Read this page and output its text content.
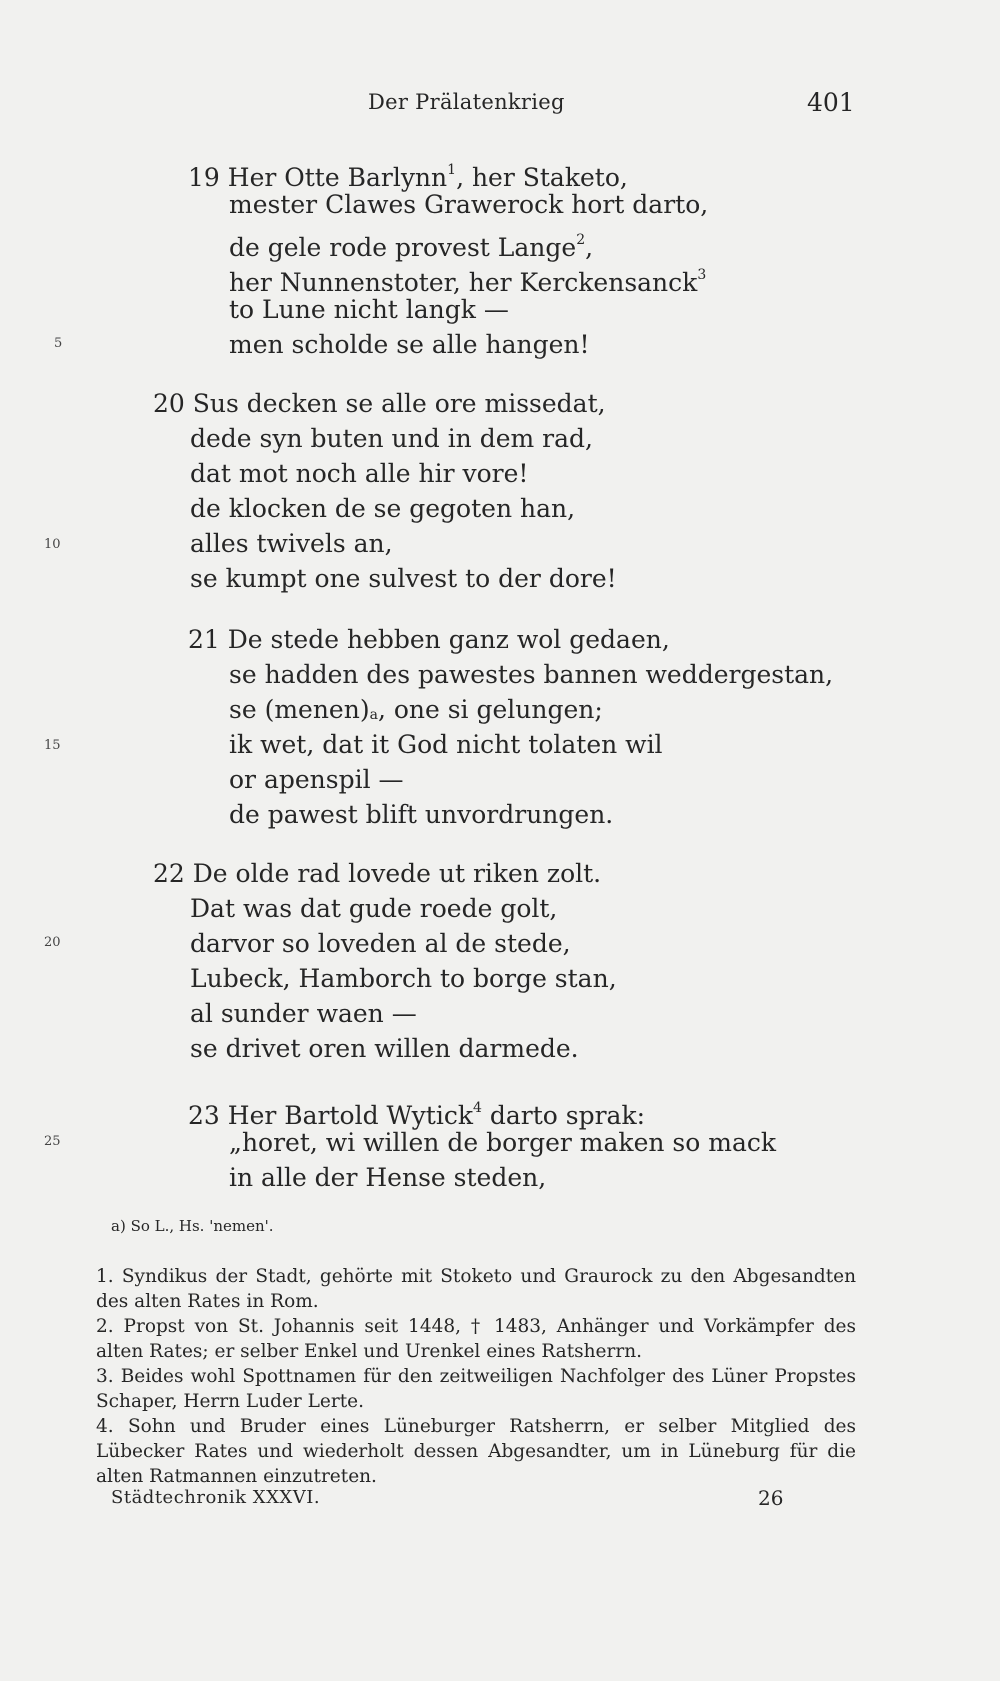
Der Prälatenkrieg	401
19 Her Otte Barlynn$^1$, her Staketo,
mester Clawes Grawerock hort darto,
de gele rode provest Lange$^2$,
her Nunnenstoter, her Kerckensanck$^3$
to Lune nicht langk —
men scholde se alle hangen!
20 Sus decken se alle ore missedat,
dede syn buten und in dem rad,
dat mot noch alle hir vore!
de klocken de se gegoten han,
alles twivels an,
se kumpt one sulvest to der dore!
21 De stede hebben ganz wol gedaen,
se hadden des pawestes bannen weddergestan,
se (menen)a, one si gelungen;
ik wet, dat it God nicht tolaten wil
or apenspil —
de pawest blift unvordrungen.
22 De olde rad lovede ut riken zolt.
Dat was dat gude roede golt,
darvor so loveden al de stede,
Lubeck, Hamborch to borge stan,
al sunder waen —
se drivet oren willen darmede.
23 Her Bartold Wytick$^4$ darto sprak:
„horet, wi willen de borger maken so mack
in alle der Hense steden,
5
10
15
20
25
a) So L., Hs. 'nemen'.
1. Syndikus der Stadt, gehörte mit Stoketo und Graurock zu den Abgesandten des alten Rates in Rom.
2. Propst von St. Johannis seit 1448, † 1483, Anhänger und Vorkämpfer des alten Rates; er selber Enkel und Urenkel eines Ratsherrn.
3. Beides wohl Spottnamen für den zeitweiligen Nachfolger des Lüner Propstes Schaper, Herrn Luder Lerte.
4. Sohn und Bruder eines Lüneburger Ratsherrn, er selber Mitglied des Lübecker Rates und wiederholt dessen Abgesandter, um in Lüneburg für die alten Ratmannen einzutreten.
Städtechronik XXXVI.	26
